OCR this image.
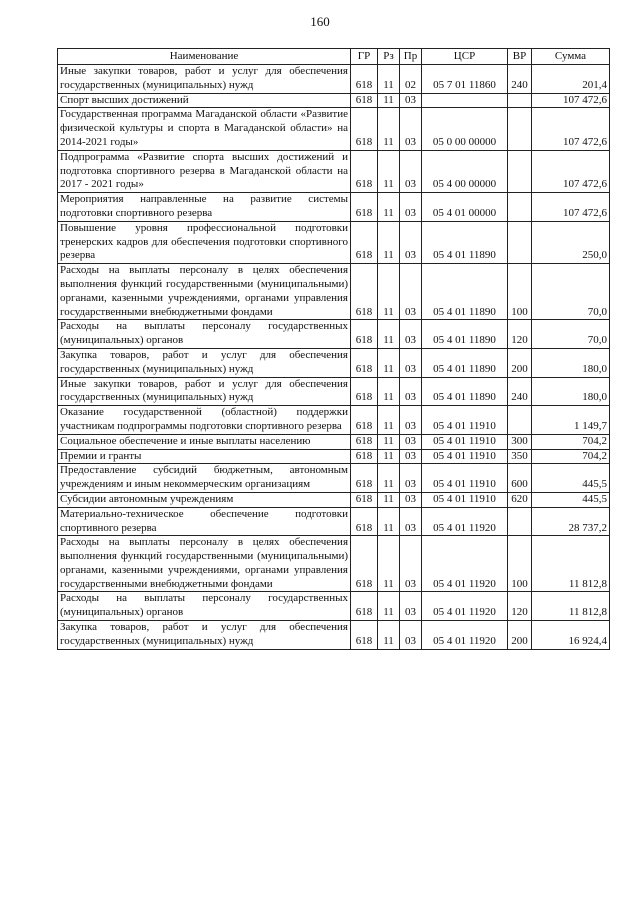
160
Наименование	ГР	Рз	Пр	ЦСР	ВР	Сумма
Иные закупки товаров, работ и услуг для обеспечения государственных (муниципальных) нужд	618	11	02	05 7 01 11860	240	201,4
Спорт высших достижений	618	11	03			107 472,6
Государственная программа Магаданской области «Развитие физической культуры и спорта в Магаданской области» на 2014-2021 годы»	618	11	03	05 0 00 00000		107 472,6
Подпрограмма «Развитие спорта высших достижений и подготовка спортивного резерва в Магаданской области на 2017 - 2021 годы»	618	11	03	05 4 00 00000		107 472,6
Мероприятия направленные на развитие системы подготовки спортивного резерва	618	11	03	05 4 01 00000		107 472,6
Повышение уровня профессиональной подготовки тренерских кадров для обеспечения подготовки спортивного резерва	618	11	03	05 4 01 11890		250,0
Расходы на выплаты персоналу в целях обеспечения выполнения функций государственными (муниципальными) органами, казенными учреждениями, органами управления государственными внебюджетными фондами	618	11	03	05 4 01 11890	100	70,0
Расходы на выплаты персоналу государственных (муниципальных) органов	618	11	03	05 4 01 11890	120	70,0
Закупка товаров, работ и услуг для обеспечения государственных (муниципальных) нужд	618	11	03	05 4 01 11890	200	180,0
Иные закупки товаров, работ и услуг для обеспечения государственных (муниципальных) нужд	618	11	03	05 4 01 11890	240	180,0
Оказание государственной (областной) поддержки участникам подпрограммы подготовки спортивного резерва	618	11	03	05 4 01 11910		1 149,7
Социальное обеспечение и иные выплаты населению	618	11	03	05 4 01 11910	300	704,2
Премии и гранты	618	11	03	05 4 01 11910	350	704,2
Предоставление субсидий бюджетным, автономным учреждениям и иным некоммерческим организациям	618	11	03	05 4 01 11910	600	445,5
Субсидии автономным учреждениям	618	11	03	05 4 01 11910	620	445,5
Материально-техническое обеспечение подготовки спортивного резерва	618	11	03	05 4 01 11920		28 737,2
Расходы на выплаты персоналу в целях обеспечения выполнения функций государственными (муниципальными) органами, казенными учреждениями, органами управления государственными внебюджетными фондами	618	11	03	05 4 01 11920	100	11 812,8
Расходы на выплаты персоналу государственных (муниципальных) органов	618	11	03	05 4 01 11920	120	11 812,8
Закупка товаров, работ и услуг для обеспечения государственных (муниципальных) нужд	618	11	03	05 4 01 11920	200	16 924,4
